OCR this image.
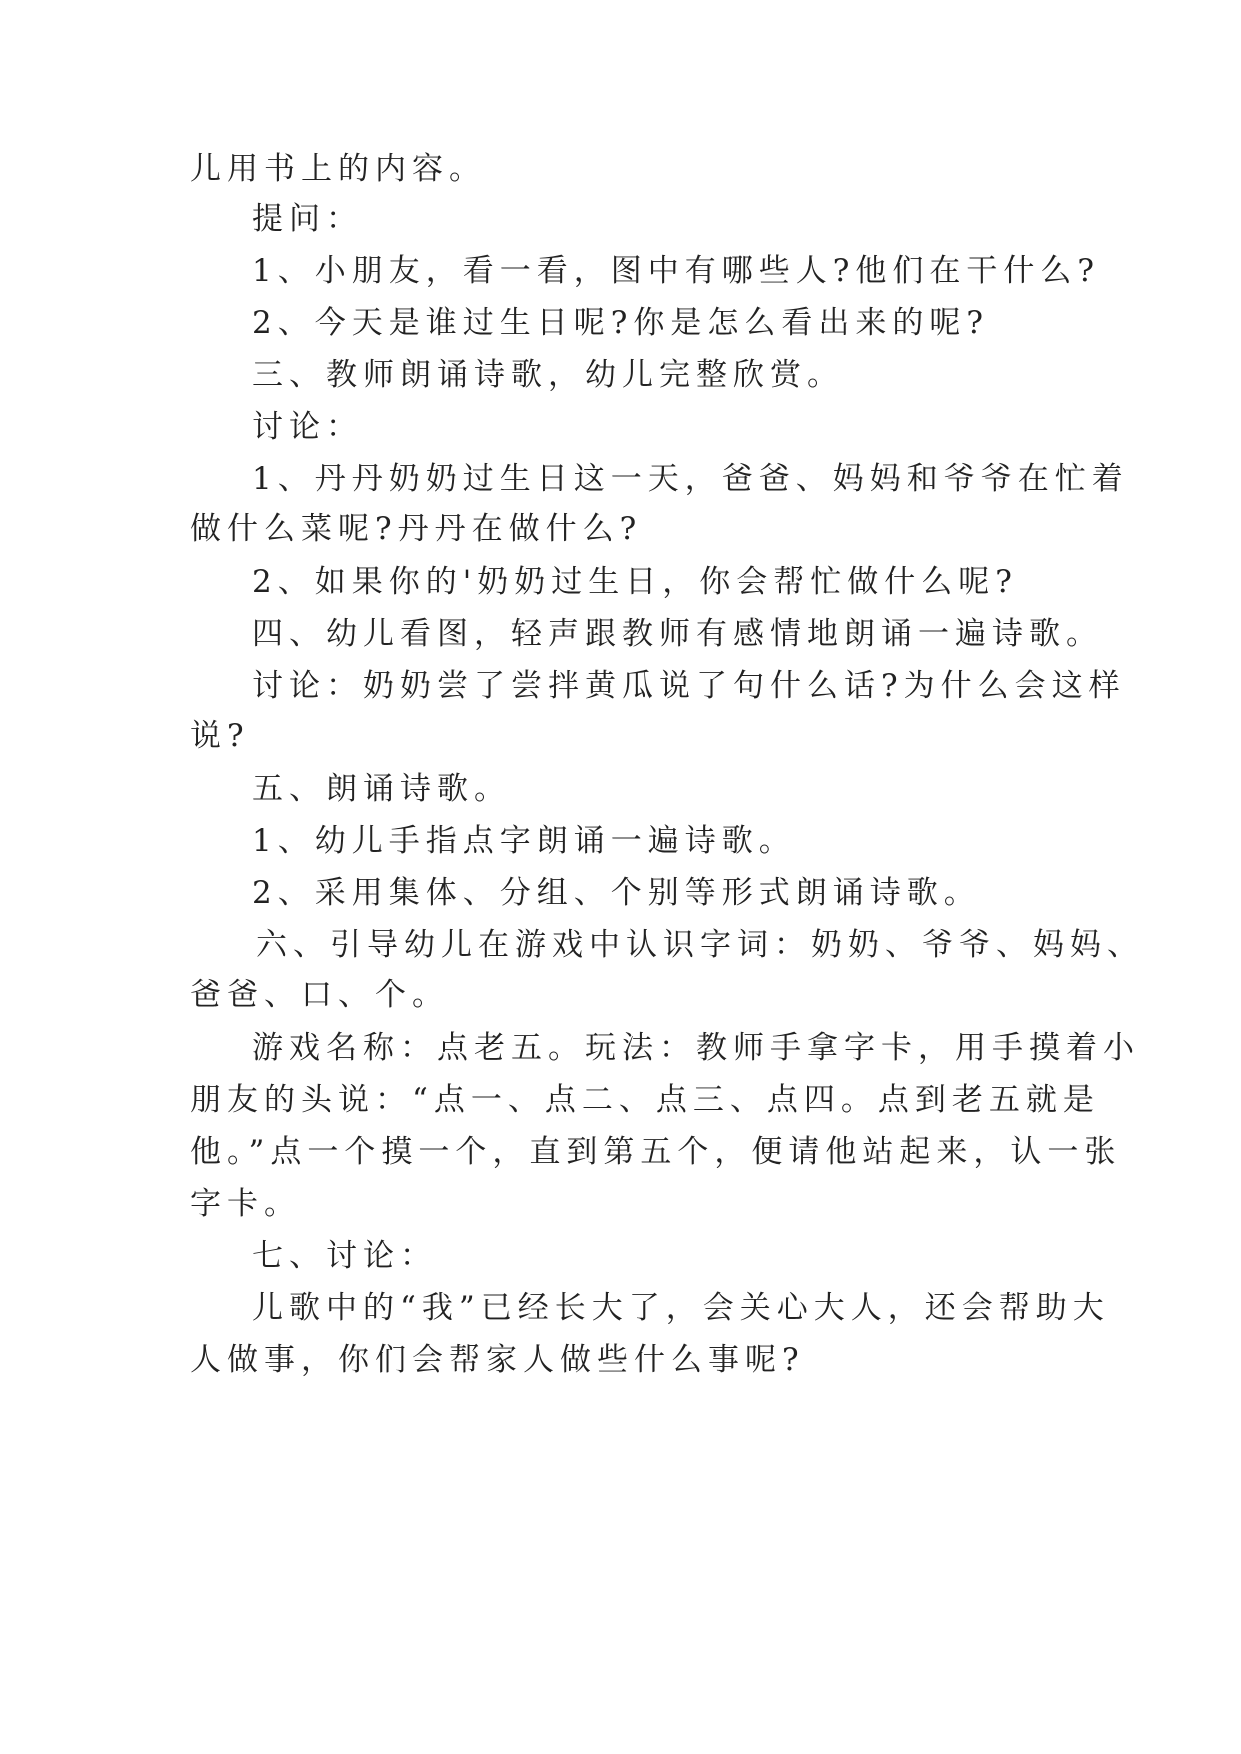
儿用书上的内容。

提问：

1、小朋友，看一看，图中有哪些人?他们在干什么?

2、今天是谁过生日呢?你是怎么看出来的呢?

三、教师朗诵诗歌，幼儿完整欣赏。

讨论：

1、丹丹奶奶过生日这一天，爸爸、妈妈和爷爷在忙着

做什么菜呢?丹丹在做什么?

2、如果你的'奶奶过生日，你会帮忙做什么呢?

四、幼儿看图，轻声跟教师有感情地朗诵一遍诗歌。

讨论：奶奶尝了尝拌黄瓜说了句什么话?为什么会这样

说?

五、朗诵诗歌。

1、幼儿手指点字朗诵一遍诗歌。

2、采用集体、分组、个别等形式朗诵诗歌。

六、引导幼儿在游戏中认识字词：奶奶、爷爷、妈妈、

爸爸、口、个。

游戏名称：点老五。玩法：教师手拿字卡，用手摸着小

朋友的头说：“点一、点二、点三、点四。点到老五就是

他。”点一个摸一个，直到第五个，便请他站起来，认一张

字卡。

七、讨论：

儿歌中的“我”已经长大了，会关心大人，还会帮助大

人做事，你们会帮家人做些什么事呢?
